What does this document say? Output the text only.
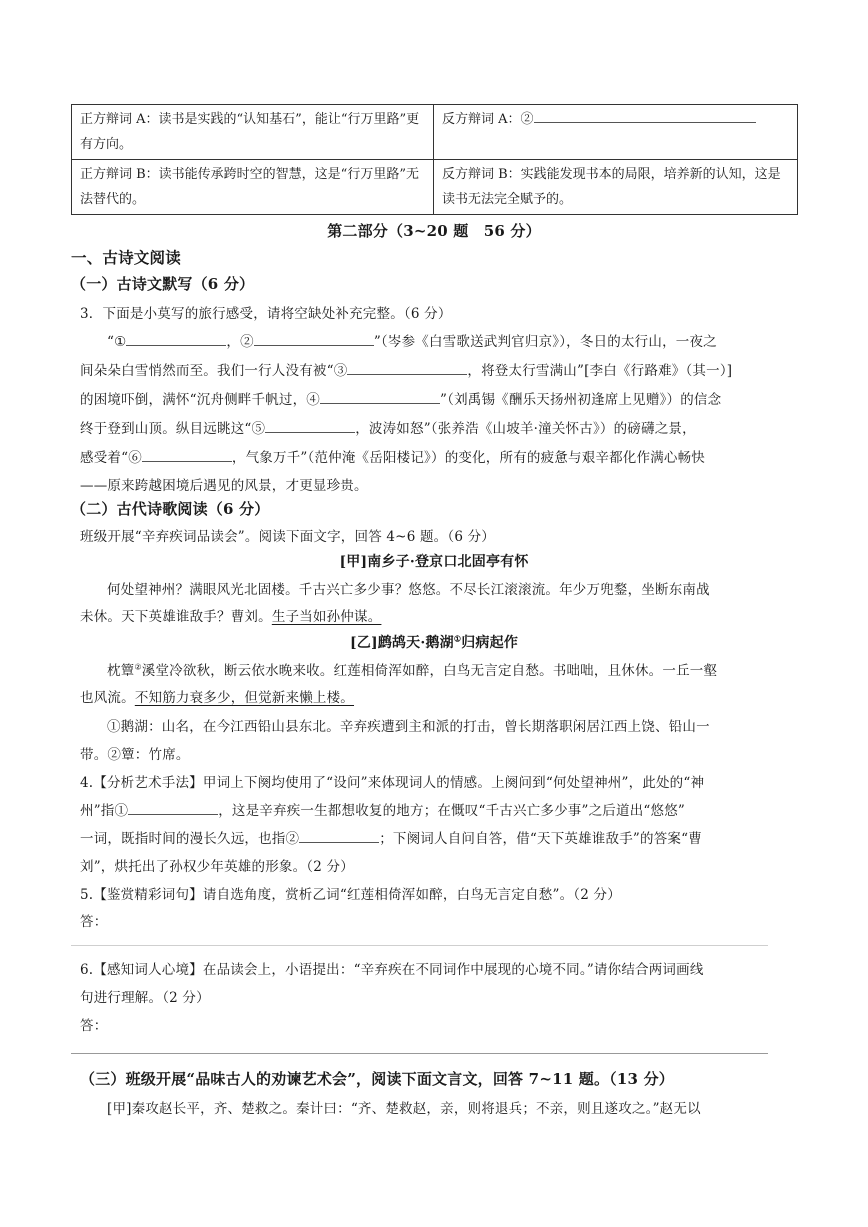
正方辩词 A：读书是实践的“认知基石”，能让“行万里路”更有方向。	反方辩词 A：②
正方辩词 B：读书能传承跨时空的智慧，这是“行万里路”无法替代的。	反方辩词 B：实践能发现书本的局限，培养新的认知，这是读书无法完全赋予的。
第二部分（3~20 题　56 分）
一、古诗文阅读
（一）古诗文默写（6 分）
3．下面是小莫写的旅行感受，请将空缺处补充完整。（6 分）
“①	，②	”（岑参《白雪歌送武判官归京》），冬日的太行山，一夜之
间朵朵白雪悄然而至。我们一行人没有被“③	，将登太行雪满山”[李白《行路难》（其一）]
的困境吓倒，满怀“沉舟侧畔千帆过，④	”（刘禹锡《酬乐天扬州初逢席上见赠》）的信念
终于登到山顶。纵目远眺这“⑤	，波涛如怒”（张养浩《山坡羊·潼关怀古》）的磅礴之景，
感受着“⑥	，气象万千”（范仲淹《岳阳楼记》）的变化，所有的疲惫与艰辛都化作满心畅快
——原来跨越困境后遇见的风景，才更显珍贵。
（二）古代诗歌阅读（6 分）
班级开展“辛弃疾词品读会”。阅读下面文字，回答 4~6 题。（6 分）
[甲]南乡子·登京口北固亭有怀
何处望神州？满眼风光北固楼。千古兴亡多少事？悠悠。不尽长江滚滚流。年少万兜鍪，坐断东南战
未休。天下英雄谁敌手？曹刘。生子当如孙仲谋。
[乙]鹧鸪天·鹅湖①归病起作
枕簟②溪堂冷欲秋，断云依水晚来收。红莲相倚浑如醉，白鸟无言定自愁。书咄咄，且休休。一丘一壑
也风流。不知筋力衰多少，但觉新来懒上楼。
①鹅湖：山名，在今江西铅山县东北。辛弃疾遭到主和派的打击，曾长期落职闲居江西上饶、铅山一
带。②簟：竹席。
4.【分析艺术手法】甲词上下阕均使用了“设问”来体现词人的情感。上阕问到“何处望神州”，此处的“神
州”指①	，这是辛弃疾一生都想收复的地方；在慨叹“千古兴亡多少事”之后道出“悠悠”
一词，既指时间的漫长久远，也指②	；下阕词人自问自答，借“天下英雄谁敌手”的答案“曹
刘”，烘托出了孙权少年英雄的形象。（2 分）
5.【鉴赏精彩词句】请自选角度，赏析乙词“红莲相倚浑如醉，白鸟无言定自愁”。（2 分）
答：
6.【感知词人心境】在品读会上，小语提出：“辛弃疾在不同词作中展现的心境不同。”请你结合两词画线
句进行理解。（2 分）
答：
（三）班级开展“品味古人的劝谏艺术会”，阅读下面文言文，回答 7~11 题。（13 分）
[甲]秦攻赵长平，齐、楚救之。秦计曰：“齐、楚救赵，亲，则将退兵；不亲，则且遂攻之。”赵无以
